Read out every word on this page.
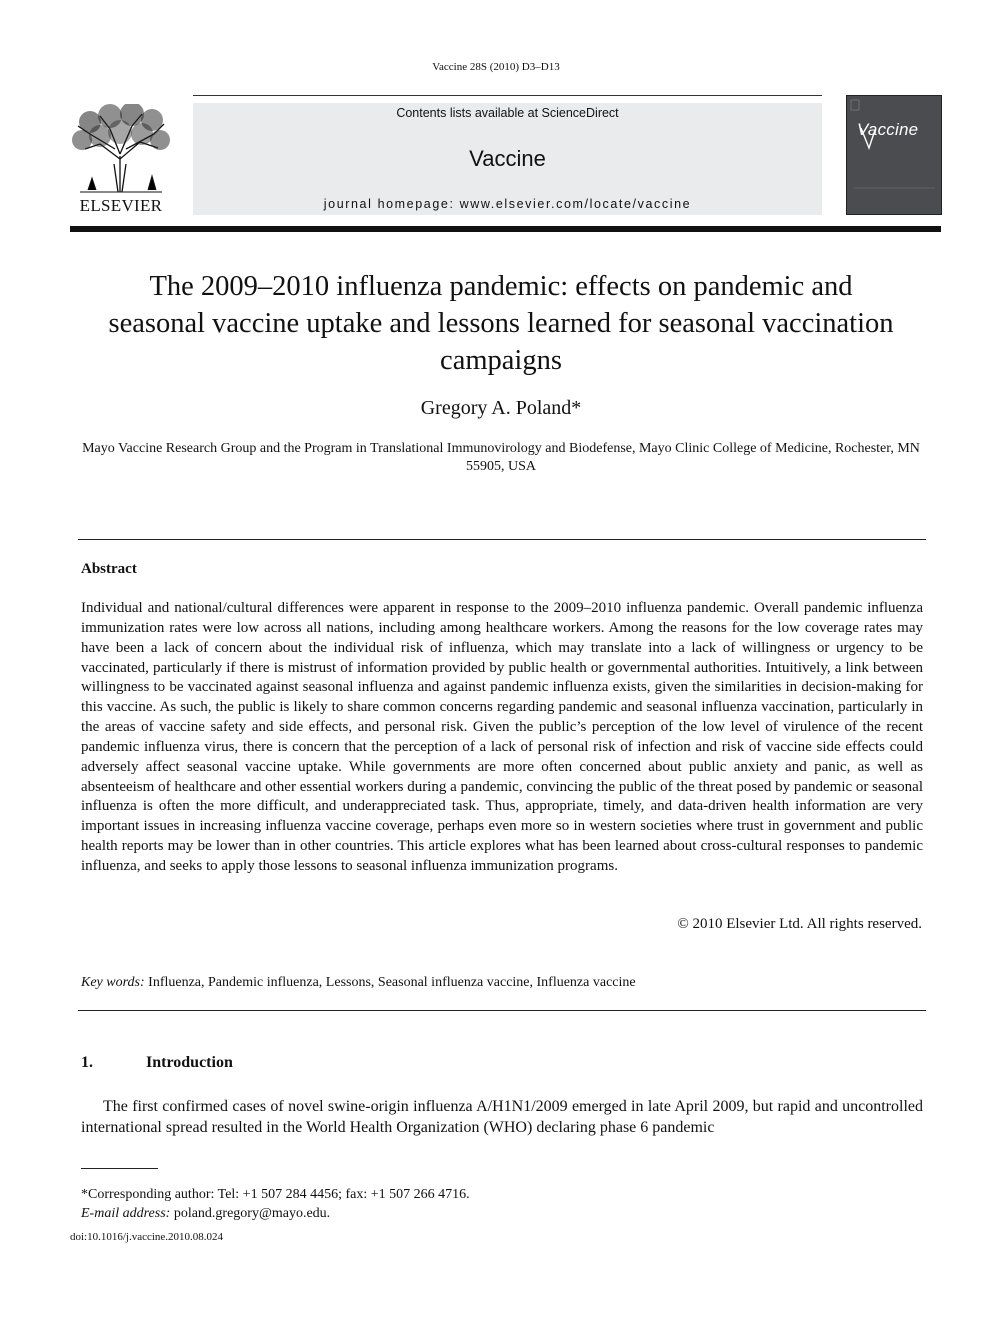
Vaccine 28S (2010) D3–D13
ELSEVIER
Contents lists available at ScienceDirect
Vaccine
journal homepage: www.elsevier.com/locate/vaccine
Vaccine
The 2009–2010 influenza pandemic: effects on pandemic and seasonal vaccine uptake and lessons learned for seasonal vaccination campaigns
Gregory A. Poland*
Mayo Vaccine Research Group and the Program in Translational Immunovirology and Biodefense, Mayo Clinic College of Medicine, Rochester, MN 55905, USA
Abstract
Individual and national/cultural differences were apparent in response to the 2009–2010 influenza pandemic. Overall pandemic influenza immunization rates were low across all nations, including among healthcare workers. Among the reasons for the low coverage rates may have been a lack of concern about the individual risk of influenza, which may translate into a lack of willingness or urgency to be vaccinated, particularly if there is mistrust of information provided by public health or governmental authorities. Intuitively, a link between willingness to be vaccinated against seasonal influenza and against pandemic influenza exists, given the similarities in decision-making for this vaccine. As such, the public is likely to share common concerns regarding pandemic and seasonal influenza vaccination, particularly in the areas of vaccine safety and side effects, and personal risk. Given the public’s perception of the low level of virulence of the recent pandemic influenza virus, there is concern that the perception of a lack of personal risk of infection and risk of vaccine side effects could adversely affect seasonal vaccine uptake. While governments are more often concerned about public anxiety and panic, as well as absenteeism of healthcare and other essential workers during a pandemic, convincing the public of the threat posed by pandemic or seasonal influenza is often the more difficult, and underappreciated task. Thus, appropriate, timely, and data-driven health information are very important issues in increasing influenza vaccine coverage, perhaps even more so in western societies where trust in government and public health reports may be lower than in other countries. This article explores what has been learned about cross-cultural responses to pandemic influenza, and seeks to apply those lessons to seasonal influenza immunization programs.
© 2010 Elsevier Ltd. All rights reserved.
Key words: Influenza, Pandemic influenza, Lessons, Seasonal influenza vaccine, Influenza vaccine
1.	Introduction
The first confirmed cases of novel swine-origin influenza A/H1N1/2009 emerged in late April 2009, but rapid and uncontrolled international spread resulted in the World Health Organization (WHO) declaring phase 6 pandemic
*Corresponding author: Tel: +1 507 284 4456; fax: +1 507 266 4716.
E-mail address: poland.gregory@mayo.edu.
doi:10.1016/j.vaccine.2010.08.024
